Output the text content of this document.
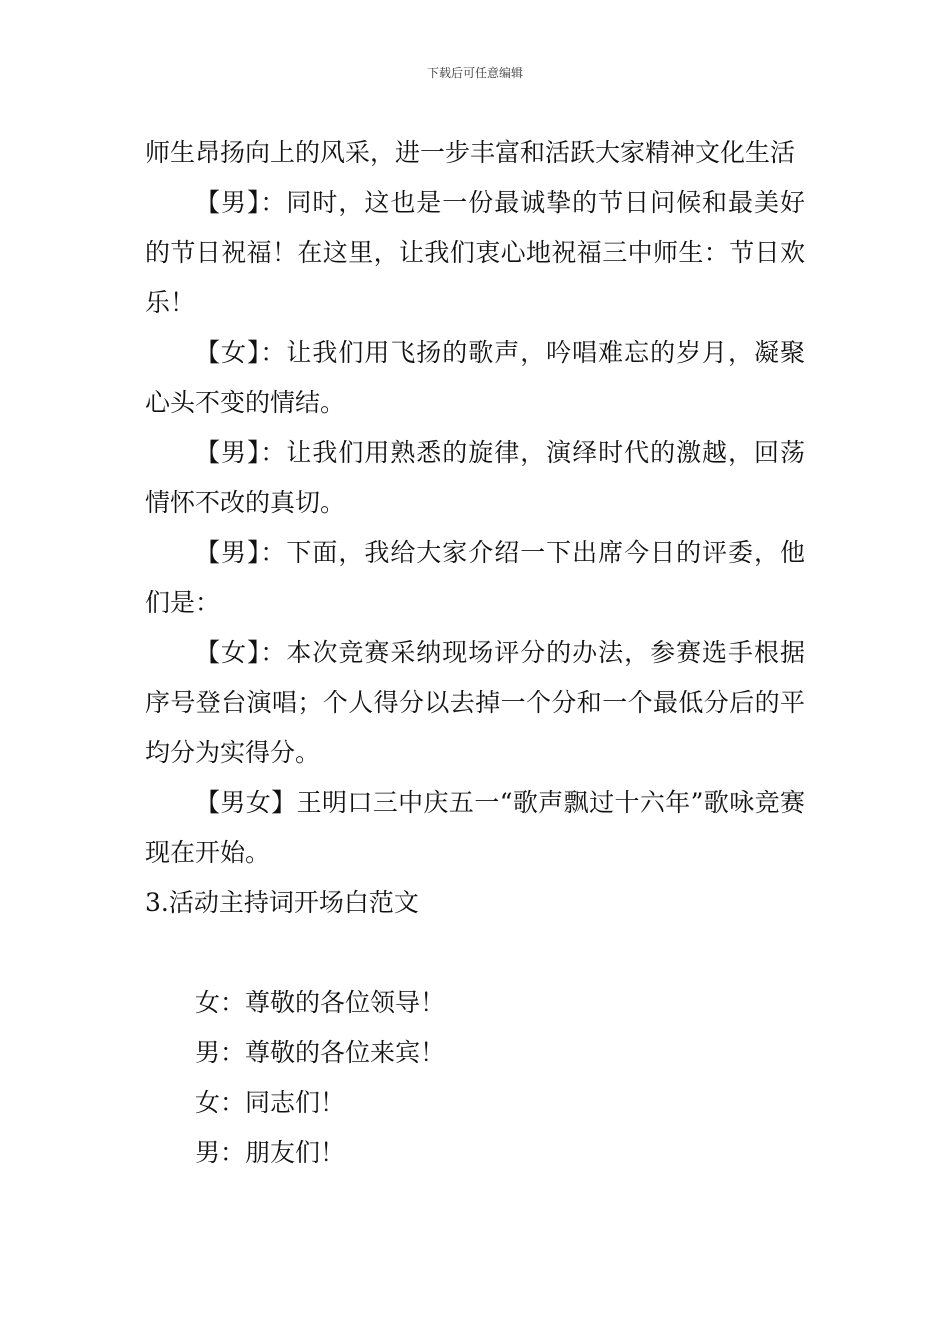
下载后可任意编辑

师生昂扬向上的风采，进一步丰富和活跃大家精神文化生活

【男】：同时，这也是一份最诚挚的节日问候和最美好的节日祝福！在这里，让我们衷心地祝福三中师生：节日欢乐！

【女】：让我们用飞扬的歌声，吟唱难忘的岁月，凝聚心头不变的情结。

【男】：让我们用熟悉的旋律，演绎时代的激越，回荡情怀不改的真切。

【男】：下面，我给大家介绍一下出席今日的评委，他们是：

【女】：本次竞赛采纳现场评分的办法，参赛选手根据序号登台演唱；个人得分以去掉一个分和一个最低分后的平均分为实得分。

【男女】王明口三中庆五一“歌声飘过十六年”歌咏竞赛现在开始。

3.活动主持词开场白范文

女：尊敬的各位领导！

男：尊敬的各位来宾！

女：同志们！

男：朋友们！
